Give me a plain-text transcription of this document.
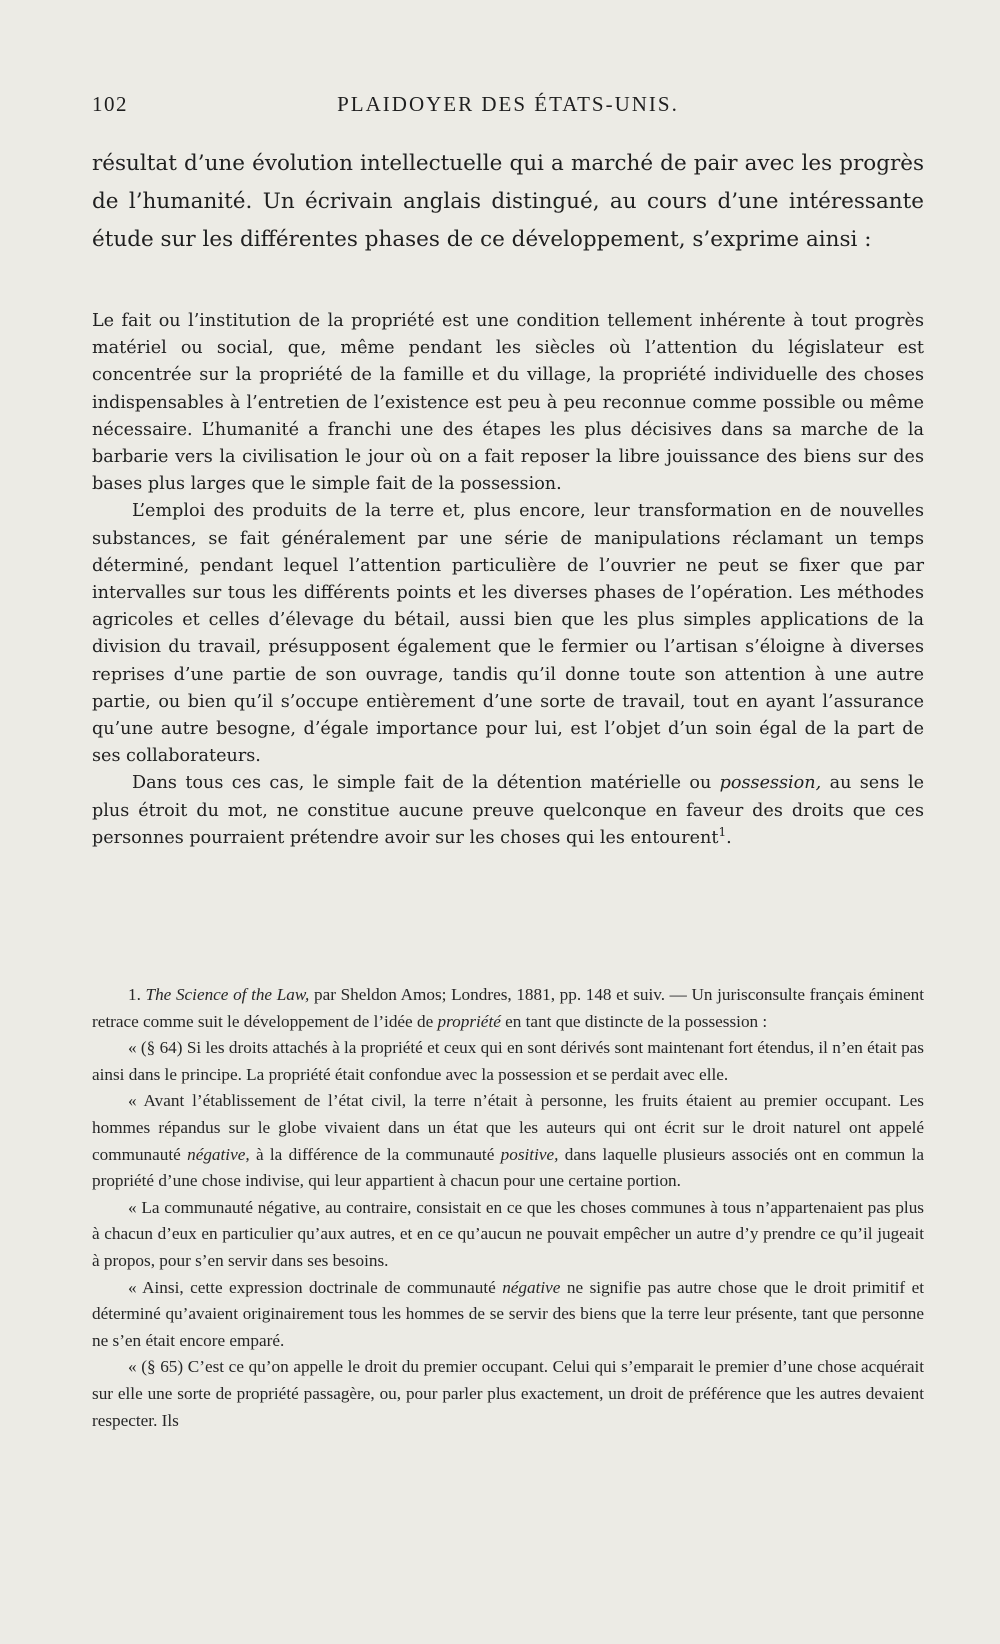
102	PLAIDOYER DES ÉTATS-UNIS.

résultat d’une évolution intellectuelle qui a marché de pair avec les progrès de l’humanité. Un écrivain anglais distingué, au cours d’une intéressante étude sur les différentes phases de ce développement, s’exprime ainsi :

Le fait ou l’institution de la propriété est une condition tellement inhérente à tout progrès matériel ou social, que, même pendant les siècles où l’attention du législateur est concentrée sur la propriété de la famille et du village, la propriété individuelle des choses indispensables à l’entretien de l’existence est peu à peu reconnue comme possible ou même nécessaire. L’humanité a franchi une des étapes les plus décisives dans sa marche de la barbarie vers la civilisation le jour où on a fait reposer la libre jouissance des biens sur des bases plus larges que le simple fait de la possession.

L’emploi des produits de la terre et, plus encore, leur transformation en de nouvelles substances, se fait généralement par une série de manipulations réclamant un temps déterminé, pendant lequel l’attention particulière de l’ouvrier ne peut se fixer que par intervalles sur tous les différents points et les diverses phases de l’opération. Les méthodes agricoles et celles d’élevage du bétail, aussi bien que les plus simples applications de la division du travail, présupposent également que le fermier ou l’artisan s’éloigne à diverses reprises d’une partie de son ouvrage, tandis qu’il donne toute son attention à une autre partie, ou bien qu’il s’occupe entièrement d’une sorte de travail, tout en ayant l’assurance qu’une autre besogne, d’égale importance pour lui, est l’objet d’un soin égal de la part de ses collaborateurs.

Dans tous ces cas, le simple fait de la détention matérielle ou possession, au sens le plus étroit du mot, ne constitue aucune preuve quelconque en faveur des droits que ces personnes pourraient prétendre avoir sur les choses qui les entourent$^1$.

1. The Science of the Law, par Sheldon Amos; Londres, 1881, pp. 148 et suiv. — Un jurisconsulte français éminent retrace comme suit le développement de l’idée de propriété en tant que distincte de la possession :

« (§ 64) Si les droits attachés à la propriété et ceux qui en sont dérivés sont maintenant fort étendus, il n’en était pas ainsi dans le principe. La propriété était confondue avec la possession et se perdait avec elle.

« Avant l’établissement de l’état civil, la terre n’était à personne, les fruits étaient au premier occupant. Les hommes répandus sur le globe vivaient dans un état que les auteurs qui ont écrit sur le droit naturel ont appelé communauté négative, à la différence de la communauté positive, dans laquelle plusieurs associés ont en commun la propriété d’une chose indivise, qui leur appartient à chacun pour une certaine portion.

« La communauté négative, au contraire, consistait en ce que les choses communes à tous n’appartenaient pas plus à chacun d’eux en particulier qu’aux autres, et en ce qu’aucun ne pouvait empêcher un autre d’y prendre ce qu’il jugeait à propos, pour s’en servir dans ses besoins.

« Ainsi, cette expression doctrinale de communauté négative ne signifie pas autre chose que le droit primitif et déterminé qu’avaient originairement tous les hommes de se servir des biens que la terre leur présente, tant que personne ne s’en était encore emparé.

« (§ 65) C’est ce qu’on appelle le droit du premier occupant. Celui qui s’emparait le premier d’une chose acquérait sur elle une sorte de propriété passagère, ou, pour parler plus exactement, un droit de préférence que les autres devaient respecter. Ils
